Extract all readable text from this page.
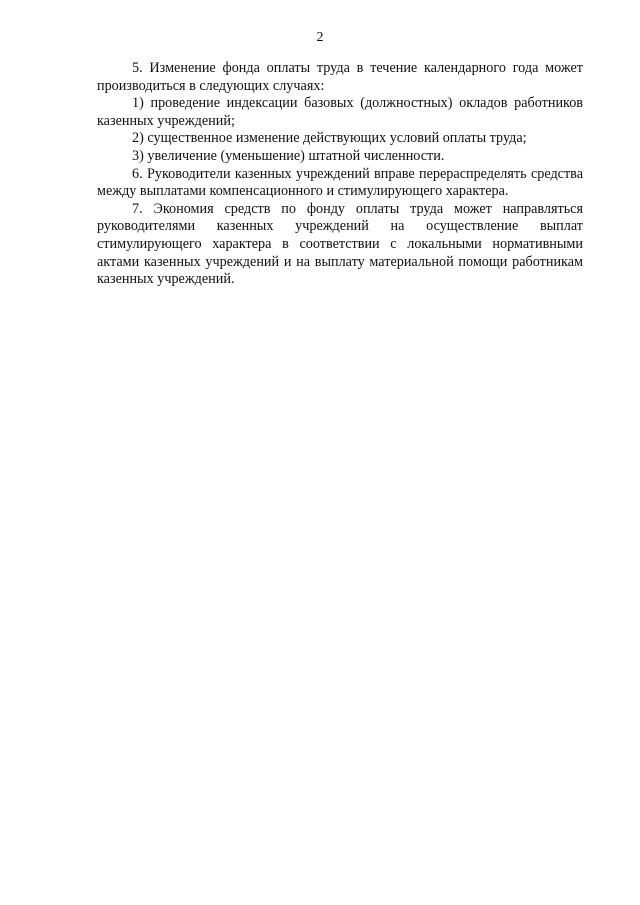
2

5. Изменение фонда оплаты труда в течение календарного года может производиться в следующих случаях:

1) проведение индексации базовых (должностных) окладов работников казенных учреждений;

2) существенное изменение действующих условий оплаты труда;

3) увеличение (уменьшение) штатной численности.

6. Руководители казенных учреждений вправе перераспределять средства между выплатами компенсационного и стимулирующего характера.

7. Экономия средств по фонду оплаты труда может направляться руководителями казенных учреждений на осуществление выплат стимулирующего характера в соответствии с локальными нормативными актами казенных учреждений и на выплату материальной помощи работникам казенных учреждений.
